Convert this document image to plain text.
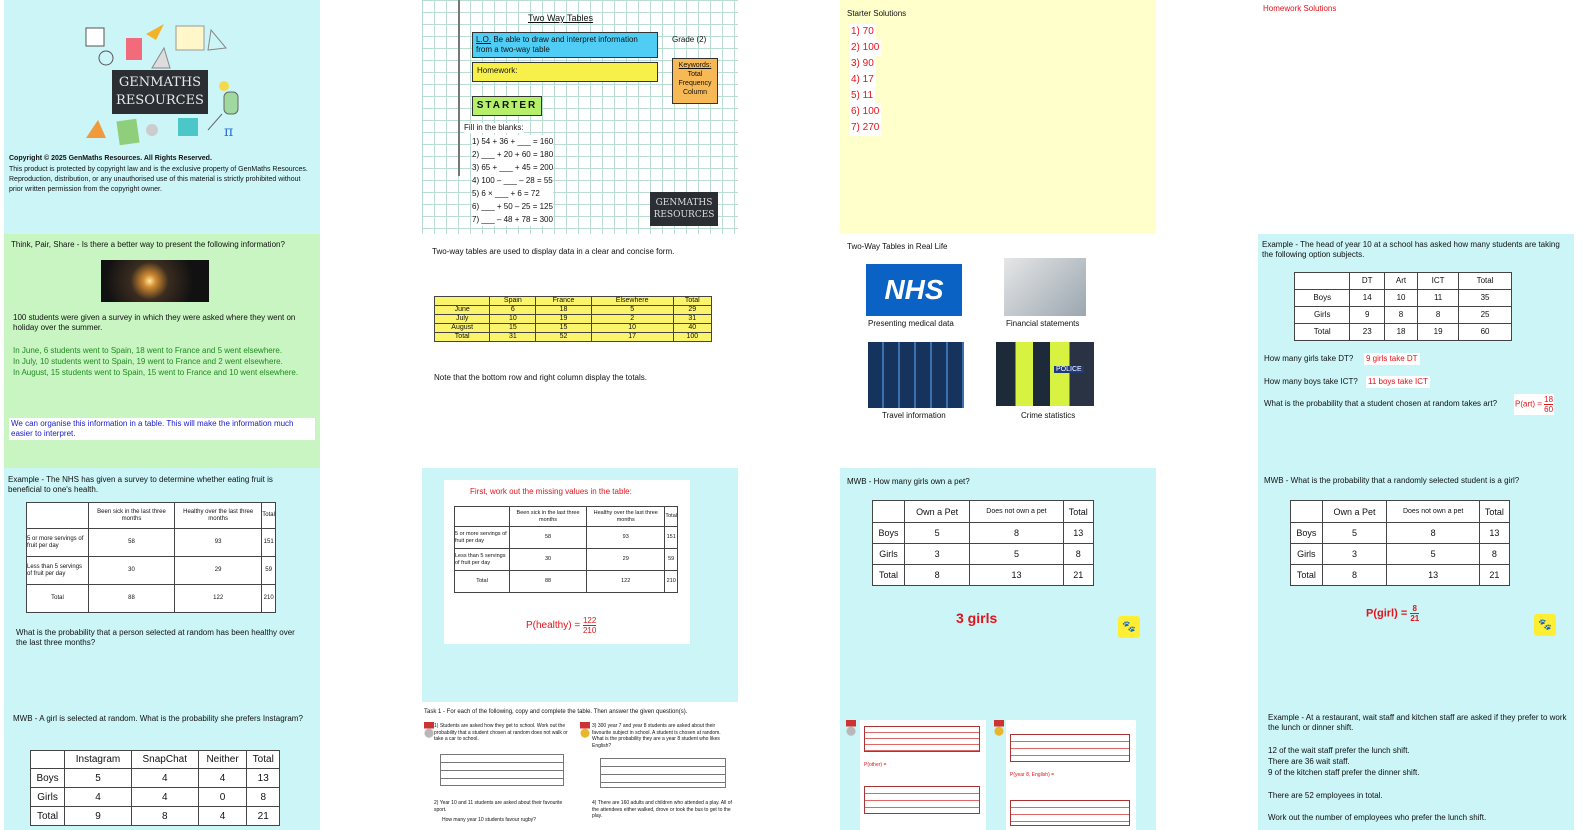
π
GENMATHS
RESOURCES
Copyright © 2025 GenMaths Resources. All Rights Reserved.
This product is protected by copyright law and is the exclusive property of GenMaths Resources. Reproduction, distribution, or any unauthorised use of this material is strictly prohibited without prior written permission from the copyright owner.
Two Way Tables
L.O. Be able to draw and interpret information from a two-way table
Grade (2)
Homework:
Keywords:
Total
Frequency
Column
STARTER
Fill in the blanks:
1) 54 + 36 + ___ = 160
2) ___ + 20 + 60 = 180
3) 65 + ___ + 45 = 200
4) 100 – ___ – 28 = 55
5) 6 × ___ + 6 = 72
6) ___ + 50 – 25 = 125
7) ___ – 48 + 78 = 300
GENMATHS
RESOURCES
Starter Solutions
1) 70
2) 100
3) 90
4) 17
5) 11
6) 100
7) 270
Homework Solutions
Think, Pair, Share - Is there a better way to present the following information?
100 students were given a survey in which they were asked where they went on holiday over the summer.
In June, 6 students went to Spain, 18 went to France and 5 went elsewhere.
In July, 10 students went to Spain, 19 went to France and 2 went elsewhere.
In August, 15 students went to Spain, 15 went to France and 10 went elsewhere.
We can organise this information in a table. This will make the information much easier to interpret.
Two-way tables are used to display data in a clear and concise form.
	Spain	France	Elsewhere	Total
June	6	18	5	29
July	10	19	2	31
August	15	15	10	40
Total	31	52	17	100
Note that the bottom row and right column display the totals.
Two-Way Tables in Real Life
NHS
Presenting medical data	Financial statements
Travel information
POLICE
Crime statistics
Example - The head of year 10 at a school has asked how many students are taking the following option subjects.
	DT	Art	ICT	Total
Boys	14	10	11	35
Girls	9	8	8	25
Total	23	18	19	60
How many girls take DT? 9 girls take DT
How many boys take ICT? 11 boys take ICT
What is the probability that a student chosen at random takes art? $P(art) = \frac{18}{60}$
Example - The NHS has given a survey to determine whether eating fruit is beneficial to one's health.
	Been sick in the last three months	Healthy over the last three months	Total
5 or more servings of fruit per day	58	93	151
Less than 5 servings of fruit per day	30	29	59
Total	88	122	210
What is the probability that a person selected at random has been healthy over the last three months?
First, work out the missing values in the table:
	Been sick in the last three months	Healthy over the last three months	Total
5 or more servings of fruit per day	58	93	151
Less than 5 servings of fruit per day	30	29	59
Total	88	122	210
P(healthy) = $\frac{122}{210}$
MWB - How many girls own a pet?
	Own a Pet	Does not own a pet	Total
Boys	5	8	13
Girls	3	5	8
Total	8	13	21
3 girls
🐾
MWB - What is the probability that a randomly selected student is a girl?
	Own a Pet	Does not own a pet	Total
Boys	5	8	13
Girls	3	5	8
Total	8	13	21
P(girl) = $\frac{8}{21}$
🐾
MWB - A girl is selected at random. What is the probability she prefers Instagram?
	Instagram	SnapChat	Neither	Total
Boys	5	4	4	13
Girls	4	4	0	8
Total	9	8	4	21
Task 1 - For each of the following, copy and complete the table. Then answer the given question(s).
1) Students are asked how they get to school. Work out the probability that a student chosen at random does not walk or take a car to school.
2) Year 10 and 11 students are asked about their favourite sport.
How many year 10 students favour rugby?
3) 300 year 7 and year 8 students are asked about their favourite subject in school. A student is chosen at random. What is the probability they are a year 8 student who likes English?
4) There are 160 adults and children who attended a play. All of the attendees either walked, drove or took the bus to get to the play.
P(other) =
P(year 8, English) =
Example - At a restaurant, wait staff and kitchen staff are asked if they prefer to work the lunch or dinner shift.
12 of the wait staff prefer the lunch shift.
There are 36 wait staff.
9 of the kitchen staff prefer the dinner shift.
There are 52 employees in total.
Work out the number of employees who prefer the lunch shift.
